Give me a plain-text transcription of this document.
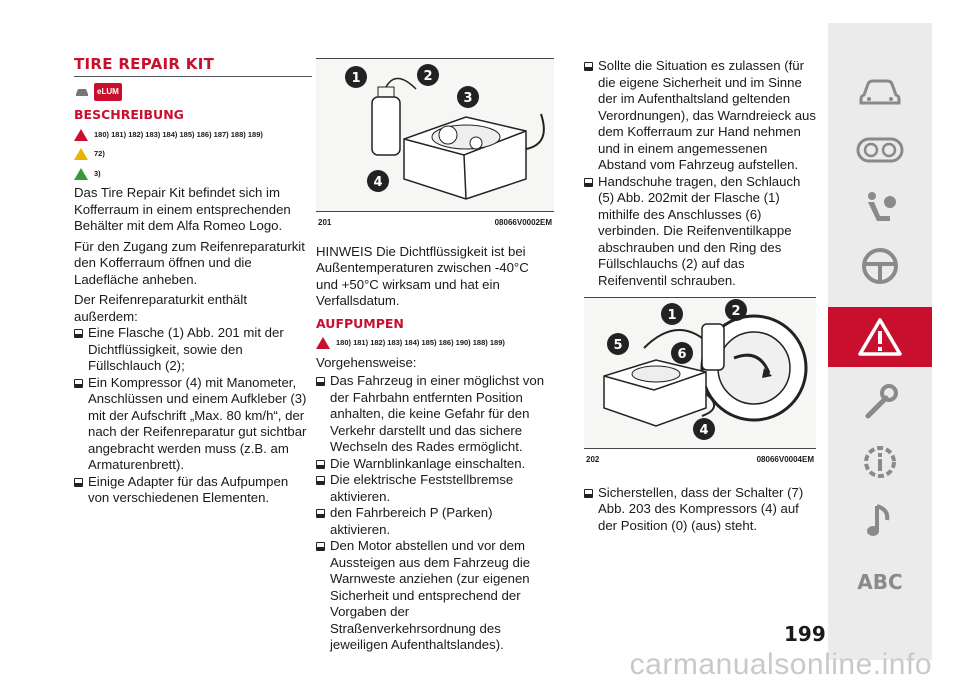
ABC
TIRE REPAIR KIT
eLUM
BESCHREIBUNG
180) 181) 182) 183) 184) 185) 186) 187) 188) 189)
72)
3)

Das Tire Repair Kit befindet sich im Kofferraum in einem entsprechenden Behälter mit dem Alfa Romeo Logo.

Für den Zugang zum Reifenreparaturkit den Kofferraum öffnen und die Ladefläche anheben.

Der Reifenreparaturkit enthält außerdem:

Eine Flasche (1) Abb. 201 mit der Dichtflüssigkeit, sowie den Füllschlauch (2);
Ein Kompressor (4) mit Manometer, Anschlüssen und einem Aufkleber (3) mit der Aufschrift „Max. 80 km/h“, der nach der Reifenreparatur gut sichtbar angebracht werden muss (z.B. am Armaturenbrett).
Einige Adapter für das Aufpumpen von verschiedenen Elementen.
1	2
3
4
201	08066V0002EM

HINWEIS Die Dichtflüssigkeit ist bei Außentemperaturen zwischen -40°C und +50°C wirksam und hat ein Verfallsdatum.

AUFPUMPEN
180) 181) 182) 183) 184) 185) 186) 190) 188) 189)

Vorgehensweise:

Das Fahrzeug in einer möglichst von der Fahrbahn entfernten Position anhalten, die keine Gefahr für den Verkehr darstellt und das sichere Wechseln des Rades ermöglicht.
Die Warnblinkanlage einschalten.
Die elektrische Feststellbremse aktivieren.
den Fahrbereich P (Parken) aktivieren.
Den Motor abstellen und vor dem Aussteigen aus dem Fahrzeug die Warnweste anziehen (zur eigenen Sicherheit und entsprechend der Vorgaben der Straßenverkehrsordnung des jeweiligen Aufenthaltslandes).
Sollte die Situation es zulassen (für die eigene Sicherheit und im Sinne der im Aufenthaltsland geltenden Verordnungen), das Warndreieck aus dem Kofferraum zur Hand nehmen und in einem angemessenen Abstand vom Fahrzeug aufstellen.
Handschuhe tragen, den Schlauch (5) Abb. 202mit der Flasche (1) mithilfe des Anschlusses (6) verbinden. Die Reifenventilkappe abschrauben und den Ring des Füllschlauchs (2) auf das Reifenventil schrauben.
1	2
5
6
4
202	08066V0004EM
Sicherstellen, dass der Schalter (7) Abb. 203 des Kompressors (4) auf der Position (0) (aus) steht.
199
carmanualsonline.info
